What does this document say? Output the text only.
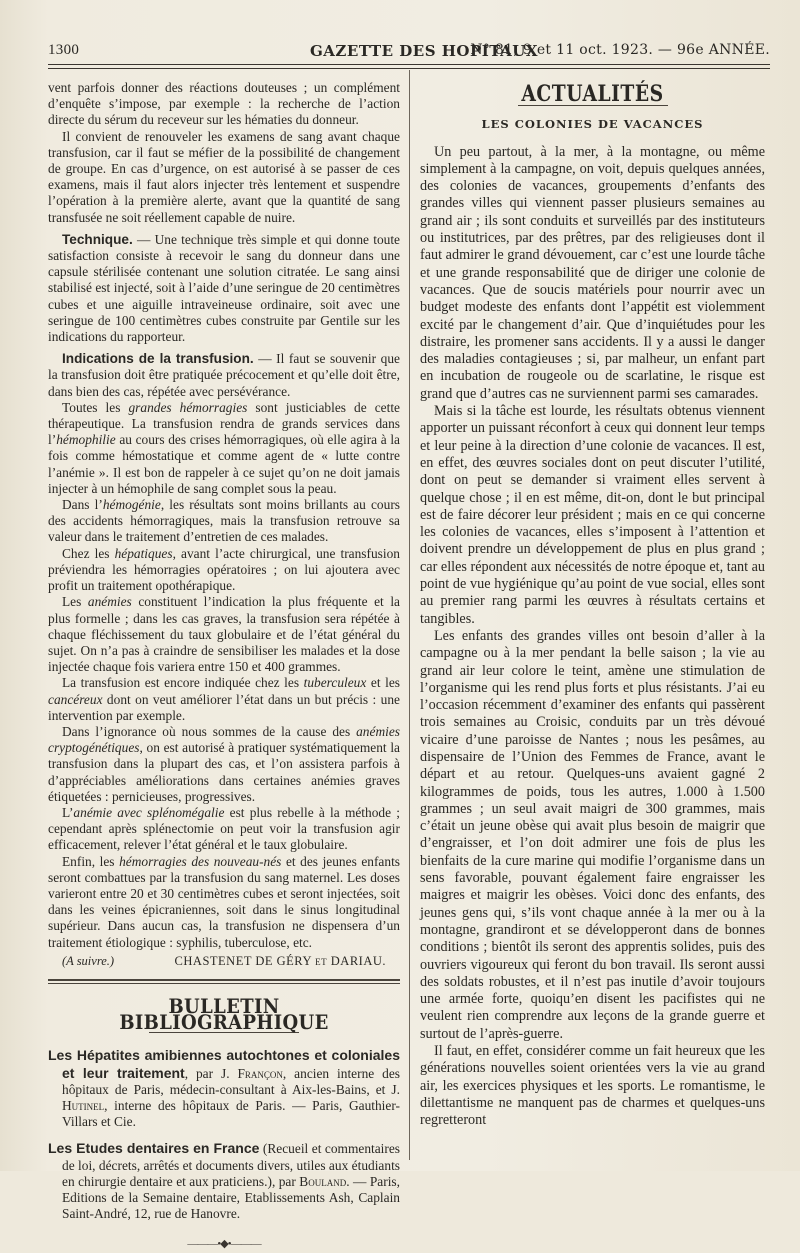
1300	GAZETTE DES HOPITAUX
N° 81, 9 et 11 oct. 1923. — 96e ANNÉE.

vent parfois donner des réactions douteuses ; un complément d’enquête s’impose, par exemple : la recherche de l’action directe du sérum du receveur sur les hématies du donneur.

Il convient de renouveler les examens de sang avant chaque transfusion, car il faut se méfier de la possibilité de changement de groupe. En cas d’urgence, on est autorisé à se passer de ces examens, mais il faut alors injecter très lentement et suspendre l’opération à la première alerte, avant que la quantité de sang transfusée ne soit réellement capable de nuire.

Technique. — Une technique très simple et qui donne toute satisfaction consiste à recevoir le sang du donneur dans une capsule stérilisée contenant une solution citratée. Le sang ainsi stabilisé est injecté, soit à l’aide d’une seringue de 20 centimètres cubes et une aiguille intraveineuse ordinaire, soit avec une seringue de 100 centimètres cubes construite par Gentile sur les indications du rapporteur.

Indications de la transfusion. — Il faut se souvenir que la transfusion doit être pratiquée précocement et qu’elle doit être, dans bien des cas, répétée avec persévérance.

Toutes les grandes hémorragies sont justiciables de cette thérapeutique. La transfusion rendra de grands services dans l’hémophilie au cours des crises hémorragiques, où elle agira à la fois comme hémostatique et comme agent de « lutte contre l’anémie ». Il est bon de rappeler à ce sujet qu’on ne doit jamais injecter à un hémophile de sang complet sous la peau.

Dans l’hémogénie, les résultats sont moins brillants au cours des accidents hémorragiques, mais la transfusion retrouve sa valeur dans le traitement d’entretien de ces malades.

Chez les hépatiques, avant l’acte chirurgical, une transfusion préviendra les hémorragies opératoires ; on lui ajoutera avec profit un traitement opothérapique.

Les anémies constituent l’indication la plus fréquente et la plus formelle ; dans les cas graves, la transfusion sera répétée à chaque fléchissement du taux globulaire et de l’état général du sujet. On n’a pas à craindre de sensibiliser les malades et la dose injectée chaque fois variera entre 150 et 400 grammes.

La transfusion est encore indiquée chez les tuberculeux et les cancéreux dont on veut améliorer l’état dans un but précis : une intervention par exemple.

Dans l’ignorance où nous sommes de la cause des anémies cryptogénétiques, on est autorisé à pratiquer systématiquement la transfusion dans la plupart des cas, et l’on assistera parfois à d’appréciables améliorations dans certaines anémies graves étiquetées : pernicieuses, progressives.

L’anémie avec splénomégalie est plus rebelle à la méthode ; cependant après splénectomie on peut voir la transfusion agir efficacement, relever l’état général et le taux globulaire.

Enfin, les hémorragies des nouveau-nés et des jeunes enfants seront combattues par la transfusion du sang maternel. Les doses varieront entre 20 et 30 centimètres cubes et seront injectées, soit dans les veines épicraniennes, soit dans le sinus longitudinal supérieur. Dans aucun cas, la transfusion ne dispensera d’un traitement étiologique : syphilis, tuberculose, etc.

(A suivre.)	CHASTENET DE GÉRY et DARIAU.
BULLETIN BIBLIOGRAPHIQUE

Les Hépatites amibiennes autochtones et coloniales et leur traitement, par J. Françon, ancien interne des hôpitaux de Paris, médecin-consultant à Aix-les-Bains, et J. Hutinel, interne des hôpitaux de Paris. — Paris, Gauthier-Villars et Cie.

Les Etudes dentaires en France (Recueil et commentaires de loi, décrets, arrêtés et documents divers, utiles aux étudiants en chirurgie dentaire et aux praticiens.), par Bouland. — Paris, Editions de la Semaine dentaire, Etablissements Ash, Caplain Saint-André, 12, rue de Hanovre.

———•◆•———
ACTUALITÉS
LES COLONIES DE VACANCES

Un peu partout, à la mer, à la montagne, ou même simplement à la campagne, on voit, depuis quelques années, des colonies de vacances, groupements d’enfants des grandes villes qui viennent passer plusieurs semaines au grand air ; ils sont conduits et surveillés par des instituteurs ou institutrices, par des prêtres, par des religieuses dont il faut admirer le grand dévouement, car c’est une lourde tâche et une grande responsabilité que de diriger une colonie de vacances. Que de soucis matériels pour nourrir avec un budget modeste des enfants dont l’appétit est violemment excité par le changement d’air. Que d’inquiétudes pour les distraire, les promener sans accidents. Il y a aussi le danger des maladies contagieuses ; si, par malheur, un enfant part en incubation de rougeole ou de scarlatine, le risque est grand que d’autres cas ne surviennent parmi ses camarades.

Mais si la tâche est lourde, les résultats obtenus viennent apporter un puissant réconfort à ceux qui donnent leur temps et leur peine à la direction d’une colonie de vacances. Il est, en effet, des œuvres sociales dont on peut discuter l’utilité, dont on peut se demander si vraiment elles servent à quelque chose ; il en est même, dit-on, dont le but principal est de faire décorer leur président ; mais en ce qui concerne les colonies de vacances, elles s’imposent à l’attention et doivent prendre un développement de plus en plus grand ; car elles répondent aux nécessités de notre époque et, tant au point de vue hygiénique qu’au point de vue social, elles sont au premier rang parmi les œuvres à résultats certains et tangibles.

Les enfants des grandes villes ont besoin d’aller à la campagne ou à la mer pendant la belle saison ; la vie au grand air leur colore le teint, amène une stimulation de l’organisme qui les rend plus forts et plus résistants. J’ai eu l’occasion récemment d’examiner des enfants qui passèrent trois semaines au Croisic, conduits par un très dévoué vicaire d’une paroisse de Nantes ; nous les pesâmes, au dispensaire de l’Union des Femmes de France, avant le départ et au retour. Quelques-uns avaient gagné 2 kilogrammes de poids, tous les autres, 1.000 à 1.500 grammes ; un seul avait maigri de 300 grammes, mais c’était un jeune obèse qui avait plus besoin de maigrir que d’engraisser, et l’on doit admirer une fois de plus les bienfaits de la cure marine qui modifie l’organisme dans un sens favorable, pouvant également faire engraisser les maigres et maigrir les obèses. Voici donc des enfants, des jeunes gens qui, s’ils vont chaque année à la mer ou à la montagne, grandiront et se développeront dans de bonnes conditions ; bientôt ils seront des apprentis solides, puis des ouvriers vigoureux qui feront du bon travail. Ils seront aussi des soldats robustes, et il n’est pas inutile d’avoir toujours une armée forte, quoiqu’en disent les pacifistes qui ne veulent rien comprendre aux leçons de la grande guerre et surtout de l’après-guerre.

Il faut, en effet, considérer comme un fait heureux que les générations nouvelles soient orientées vers la vie au grand air, les exercices physiques et les sports. Le romantisme, le dilettantisme ne manquent pas de charmes et quelques-uns regretteront
